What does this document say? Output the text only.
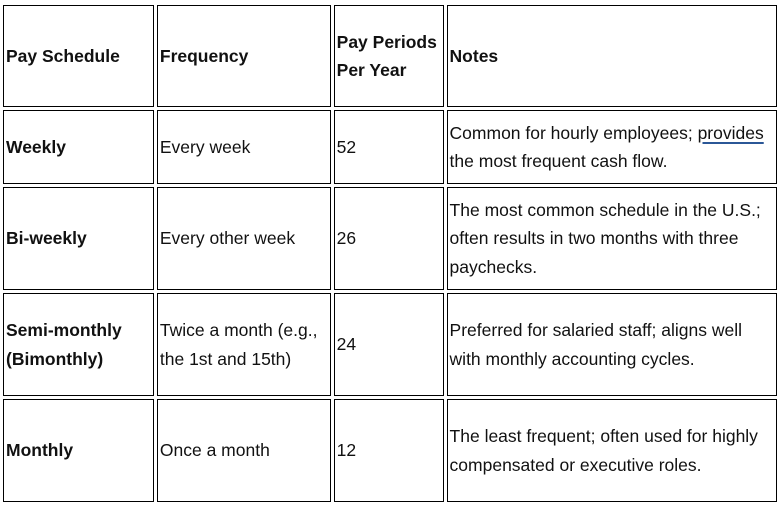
Pay Schedule	Frequency	Pay Periods Per Year	Notes
Weekly	Every week	52	Common for hourly employees; provides the most frequent cash flow.
Bi-weekly	Every other week	26	The most common schedule in the U.S.; often results in two months with three paychecks.
Semi-monthly (Bimonthly)	Twice a month (e.g., the 1st and 15th)	24	Preferred for salaried staff; aligns well with monthly accounting cycles.
Monthly	Once a month	12	The least frequent; often used for highly compensated or executive roles.
